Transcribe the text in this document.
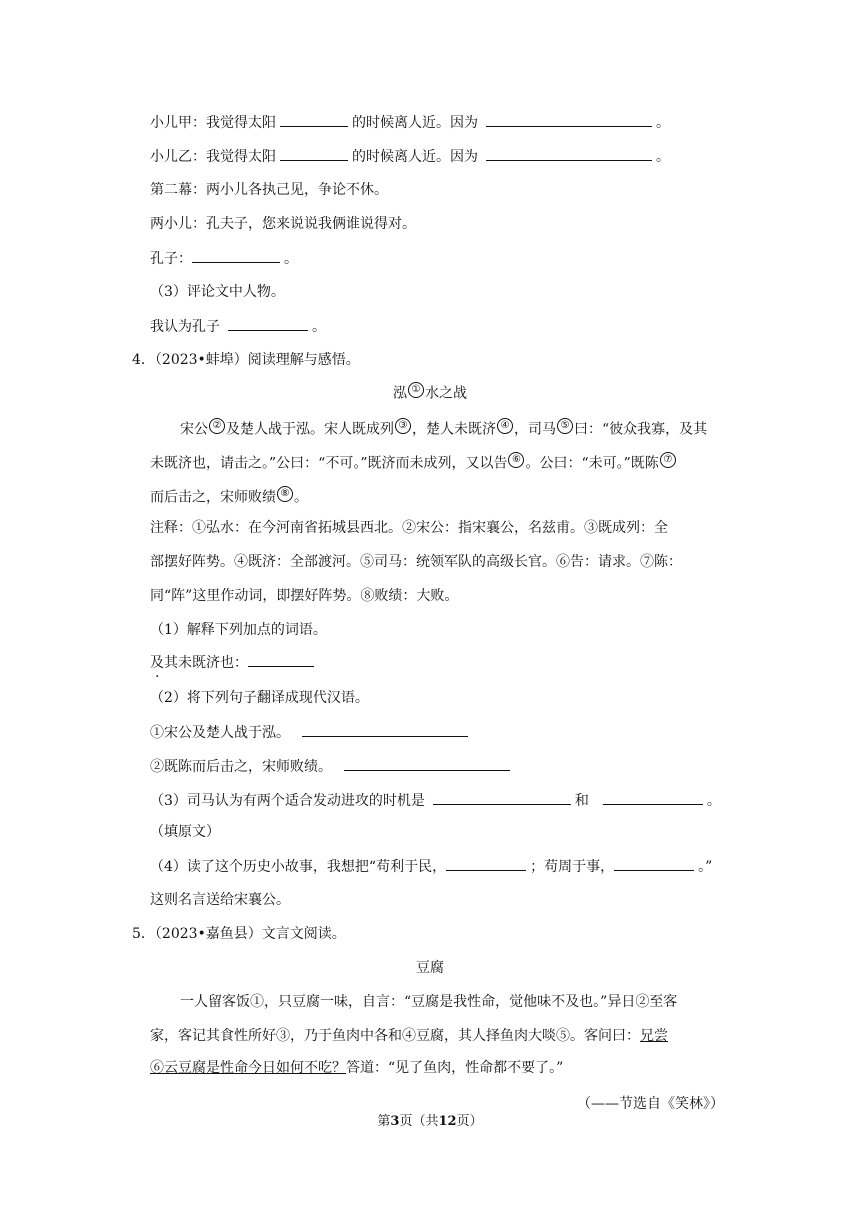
小儿甲：我觉得太阳	的时候离人近。因为	。
小儿乙：我觉得太阳	的时候离人近。因为	。
第二幕：两小儿各执己见，争论不休。
两小儿：孔夫子，您来说说我俩谁说得对。
孔子：	。
（3）评论文中人物。
我认为孔子	。
4．（2023•蚌埠）阅读理解与感悟。
泓 ① 水之战
宋公 ② 及楚人战于泓。宋人既成列 ③ ，楚人未既济 ④ ，司马 ⑤ 曰：“彼众我寡，及其
未既济也，请击之。”公曰：“不可。”既济而未成列，又以告 ⑥ 。公曰：“未可。”既陈 ⑦
而后击之，宋师败绩 ⑧ 。
注释：①弘水：在今河南省拓城县西北。②宋公：指宋襄公，名兹甫。③既成列：全
部摆好阵势。④既济：全部渡河。⑤司马：统领军队的高级长官。⑥告：请求。⑦陈：
同“阵”这里作动词，即摆好阵势。⑧败绩：大败。
（1）解释下列加点的词语。
及其未既济也：
（2）将下列句子翻译成现代汉语。
①宋公及楚人战于泓。
②既陈而后击之，宋师败绩。
（3）司马认为有两个适合发动进攻的时机是	和	。
（填原文）
（4）读了这个历史小故事，我想把“苟利于民，	；苟周于事，	。”
这则名言送给宋襄公。
5．（2023•嘉鱼县）文言文阅读。
豆腐
一人留客饭①，只豆腐一味，自言：“豆腐是我性命，觉他味不及也。”异日②至客
家，客记其食性所好③，乃于鱼肉中各和④豆腐，其人择鱼肉大啖⑤。客问曰：兄尝
⑥云豆腐是性命今日如何不吃？答道：“见了鱼肉，性命都不要了。”
（——节选自《笑林》）
第3页（共12页）
